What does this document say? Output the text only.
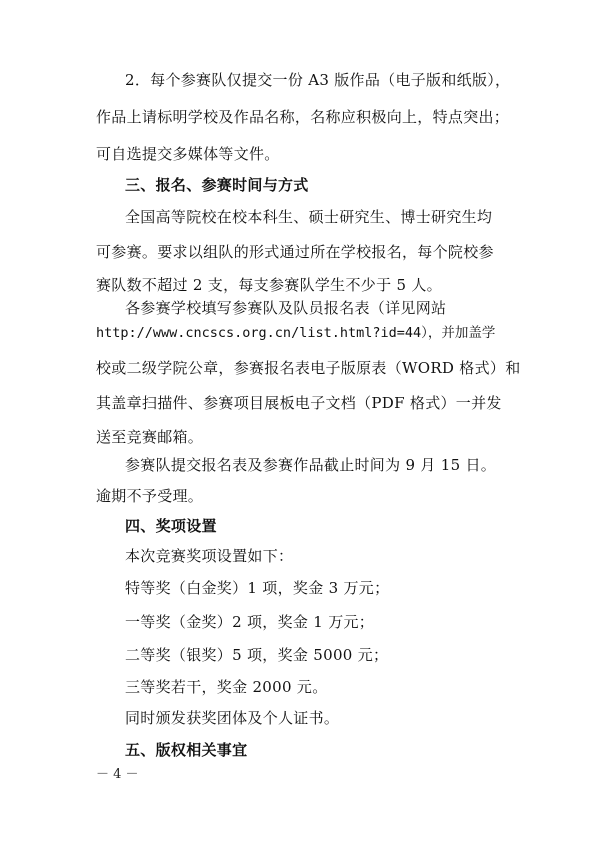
2．每个参赛队仅提交一份 A3 版作品（电子版和纸版），
作品上请标明学校及作品名称，名称应积极向上，特点突出；
可自选提交多媒体等文件。
三、报名、参赛时间与方式
全国高等院校在校本科生、硕士研究生、博士研究生均
可参赛。要求以组队的形式通过所在学校报名，每个院校参
赛队数不超过 2 支，每支参赛队学生不少于 5 人。
各参赛学校填写参赛队及队员报名表（详见网站
http://www.cncscs.org.cn/list.html?id=44），并加盖学
校或二级学院公章，参赛报名表电子版原表（WORD 格式）和
其盖章扫描件、参赛项目展板电子文档（PDF 格式）一并发
送至竞赛邮箱。
参赛队提交报名表及参赛作品截止时间为 9 月 15 日。
逾期不予受理。
四、奖项设置
本次竞赛奖项设置如下：
特等奖（白金奖）1 项，奖金 3 万元；
一等奖（金奖）2 项，奖金 1 万元；
二等奖（银奖）5 项，奖金 5000 元；
三等奖若干，奖金 2000 元。
同时颁发获奖团体及个人证书。
五、版权相关事宜
－ 4 －
